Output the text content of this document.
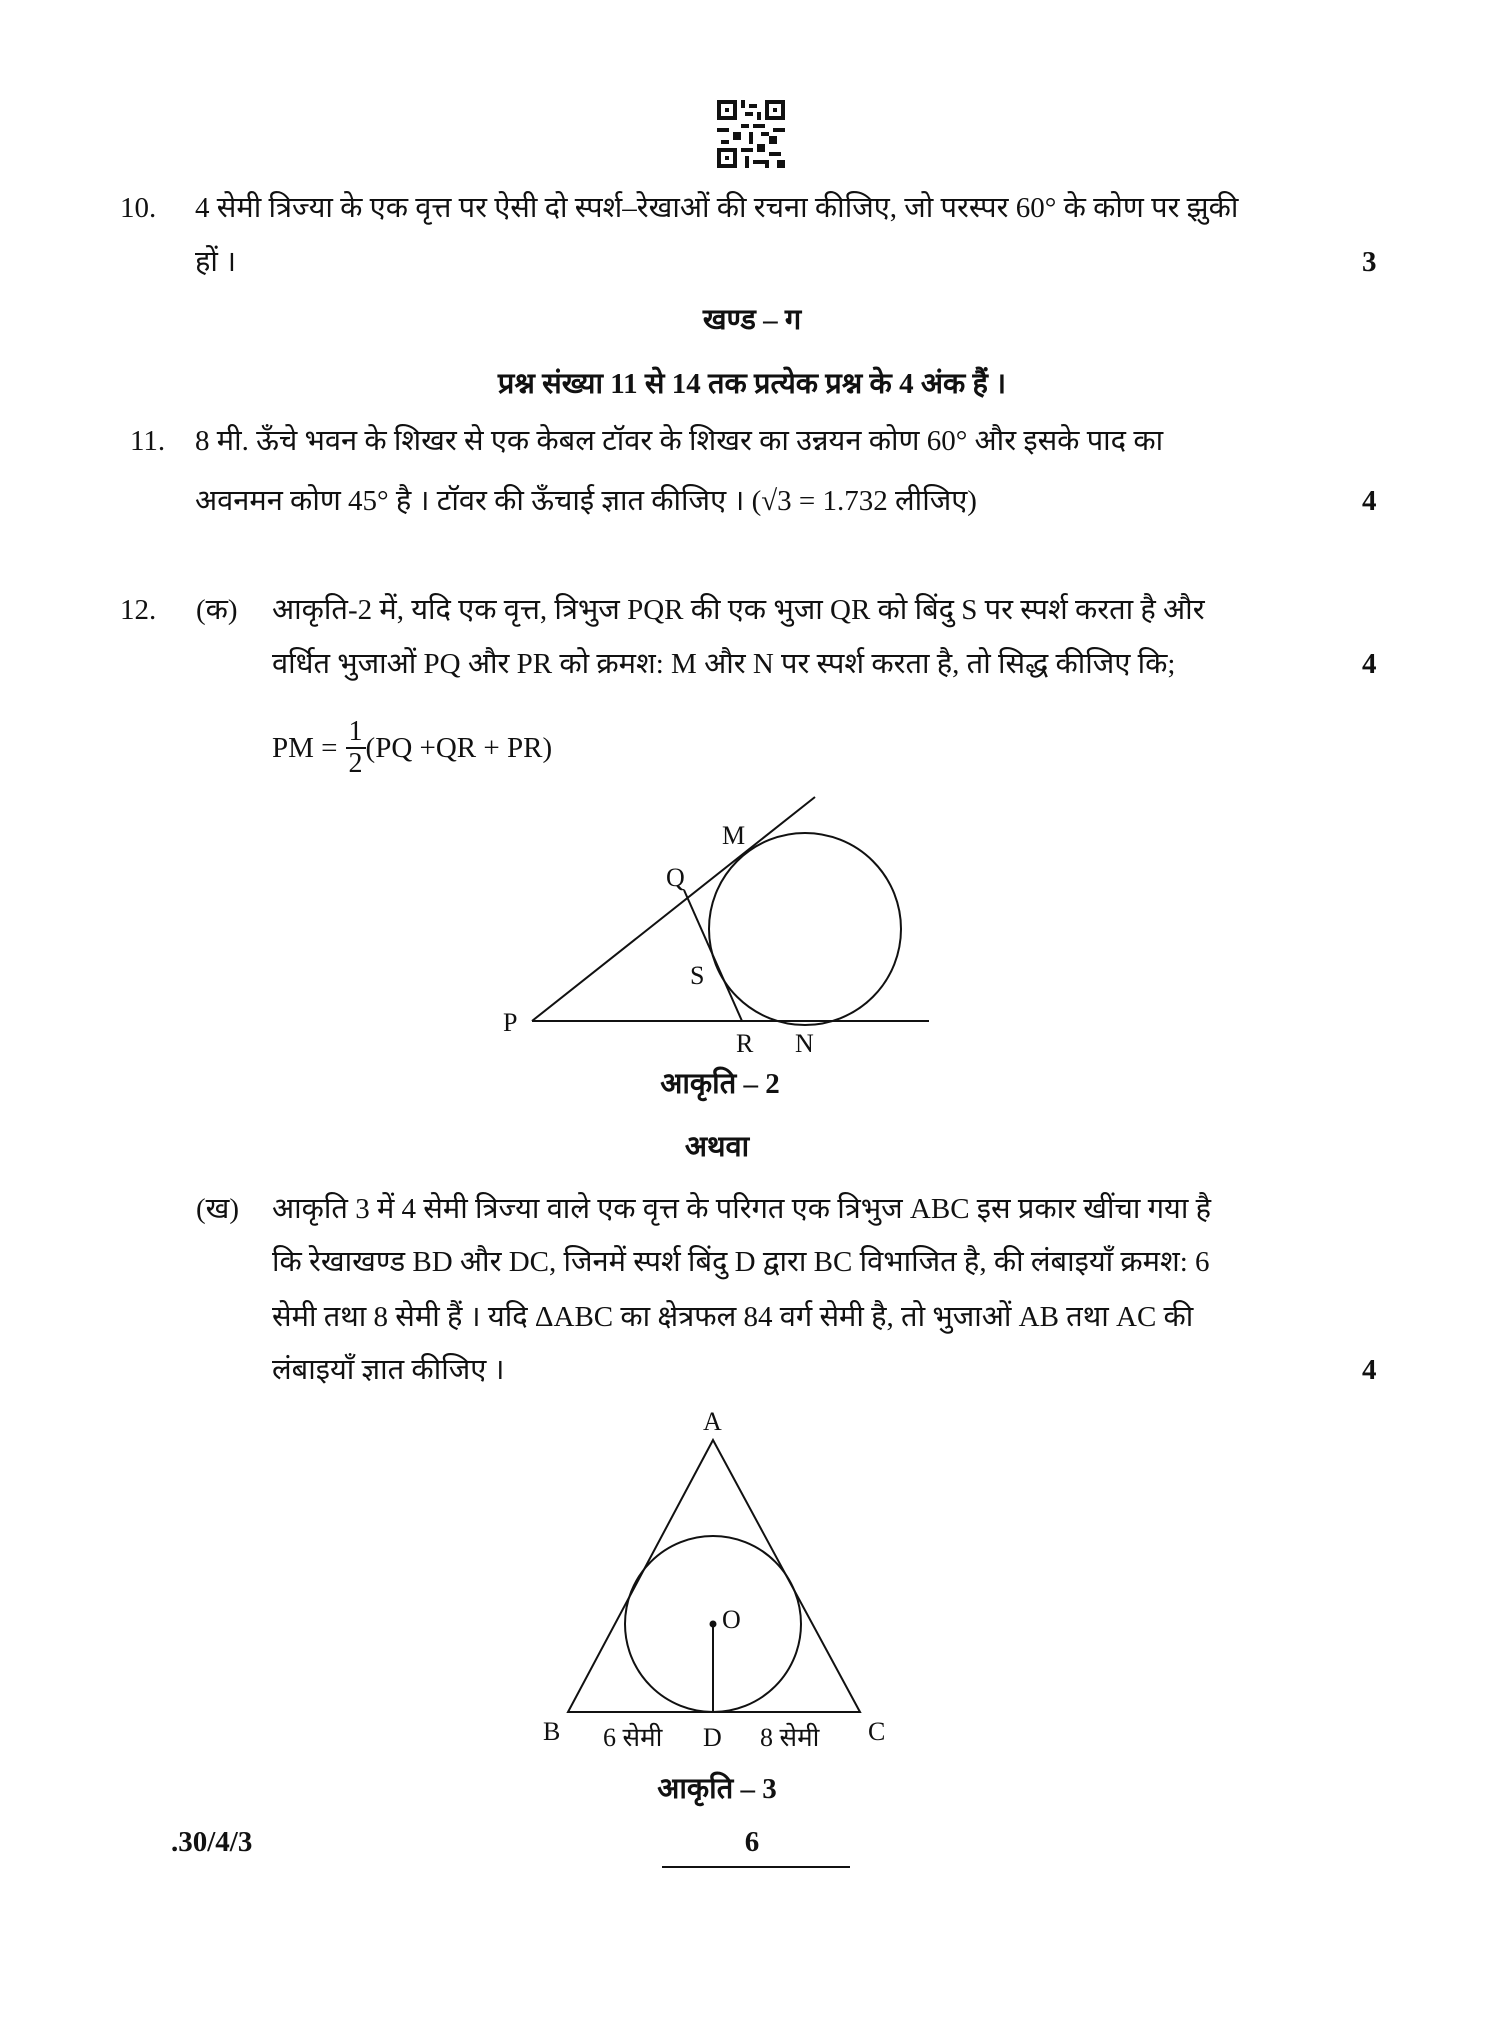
10. 4 सेमी त्रिज्या के एक वृत्त पर ऐसी दो स्पर्श–रेखाओं की रचना कीजिए, जो परस्पर 60° के कोण पर झुकी
हों ।	3
खण्ड – ग
प्रश्न संख्या 11 से 14 तक प्रत्येक प्रश्न के 4 अंक हैं ।
11. 8 मी. ऊँचे भवन के शिखर से एक केबल टॉवर के शिखर का उन्नयन कोण 60° और इसके पाद का
अवनमन कोण 45° है । टॉवर की ऊँचाई ज्ञात कीजिए । (√3 = 1.732 लीजिए)	4
12. (क) आकृति-2 में, यदि एक वृत्त, त्रिभुज PQR की एक भुजा QR को बिंदु S पर स्पर्श करता है और
वर्धित भुजाओं PQ और PR को क्रमश: M और N पर स्पर्श करता है, तो सिद्ध कीजिए कि;	4
PM = $\frac{1}{2} (PQ +QR + PR)$
M
Q
S
P
R N
आकृति – 2
अथवा
(ख) आकृति 3 में 4 सेमी त्रिज्या वाले एक वृत्त के परिगत एक त्रिभुज ABC इस प्रकार खींचा गया है
कि रेखाखण्ड BD और DC, जिनमें स्पर्श बिंदु D द्वारा BC विभाजित है, की लंबाइयाँ क्रमश: 6
सेमी तथा 8 सेमी हैं । यदि ΔABC का क्षेत्रफल 84 वर्ग सेमी है, तो भुजाओं AB तथा AC की
लंबाइयाँ ज्ञात कीजिए ।	4
A
O
B	D	C
6 सेमी	8 सेमी
आकृति – 3
.30/4/3	6
